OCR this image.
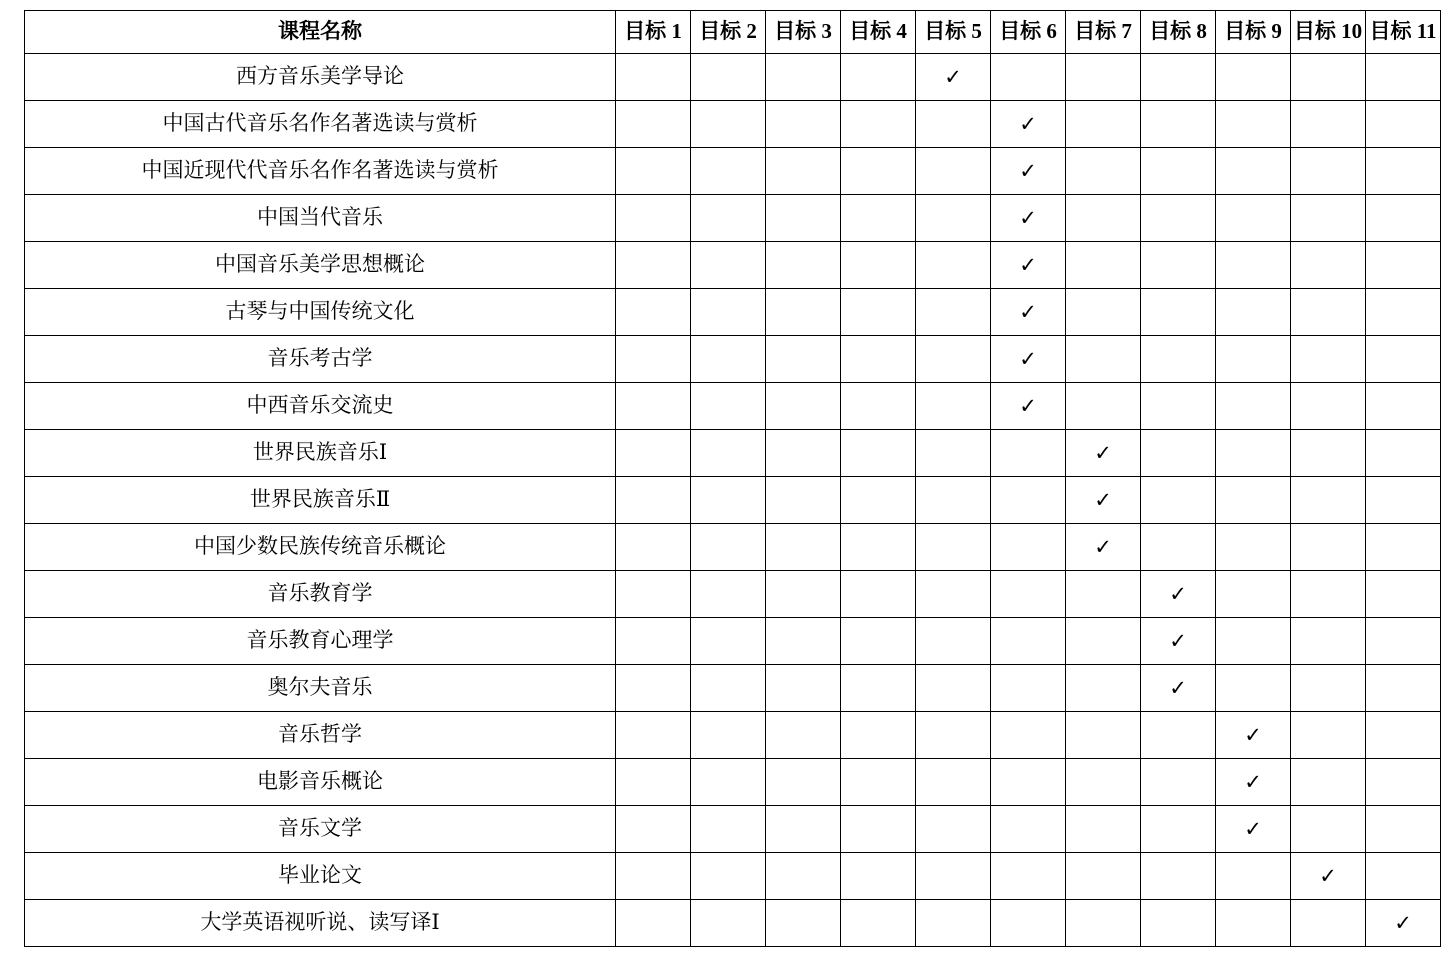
课程名称	目标 1	目标 2	目标 3	目标 4	目标 5	目标 6	目标 7	目标 8	目标 9	目标 10	目标 11
西方音乐美学导论					✓						
中国古代音乐名作名著选读与赏析						✓					
中国近现代代音乐名作名著选读与赏析						✓					
中国当代音乐						✓					
中国音乐美学思想概论						✓					
古琴与中国传统文化						✓					
音乐考古学						✓					
中西音乐交流史						✓					
世界民族音乐Ⅰ							✓				
世界民族音乐Ⅱ							✓				
中国少数民族传统音乐概论							✓				
音乐教育学								✓			
音乐教育心理学								✓			
奥尔夫音乐								✓			
音乐哲学									✓		
电影音乐概论									✓		
音乐文学									✓		
毕业论文										✓	
大学英语视听说、读写译Ⅰ											✓
